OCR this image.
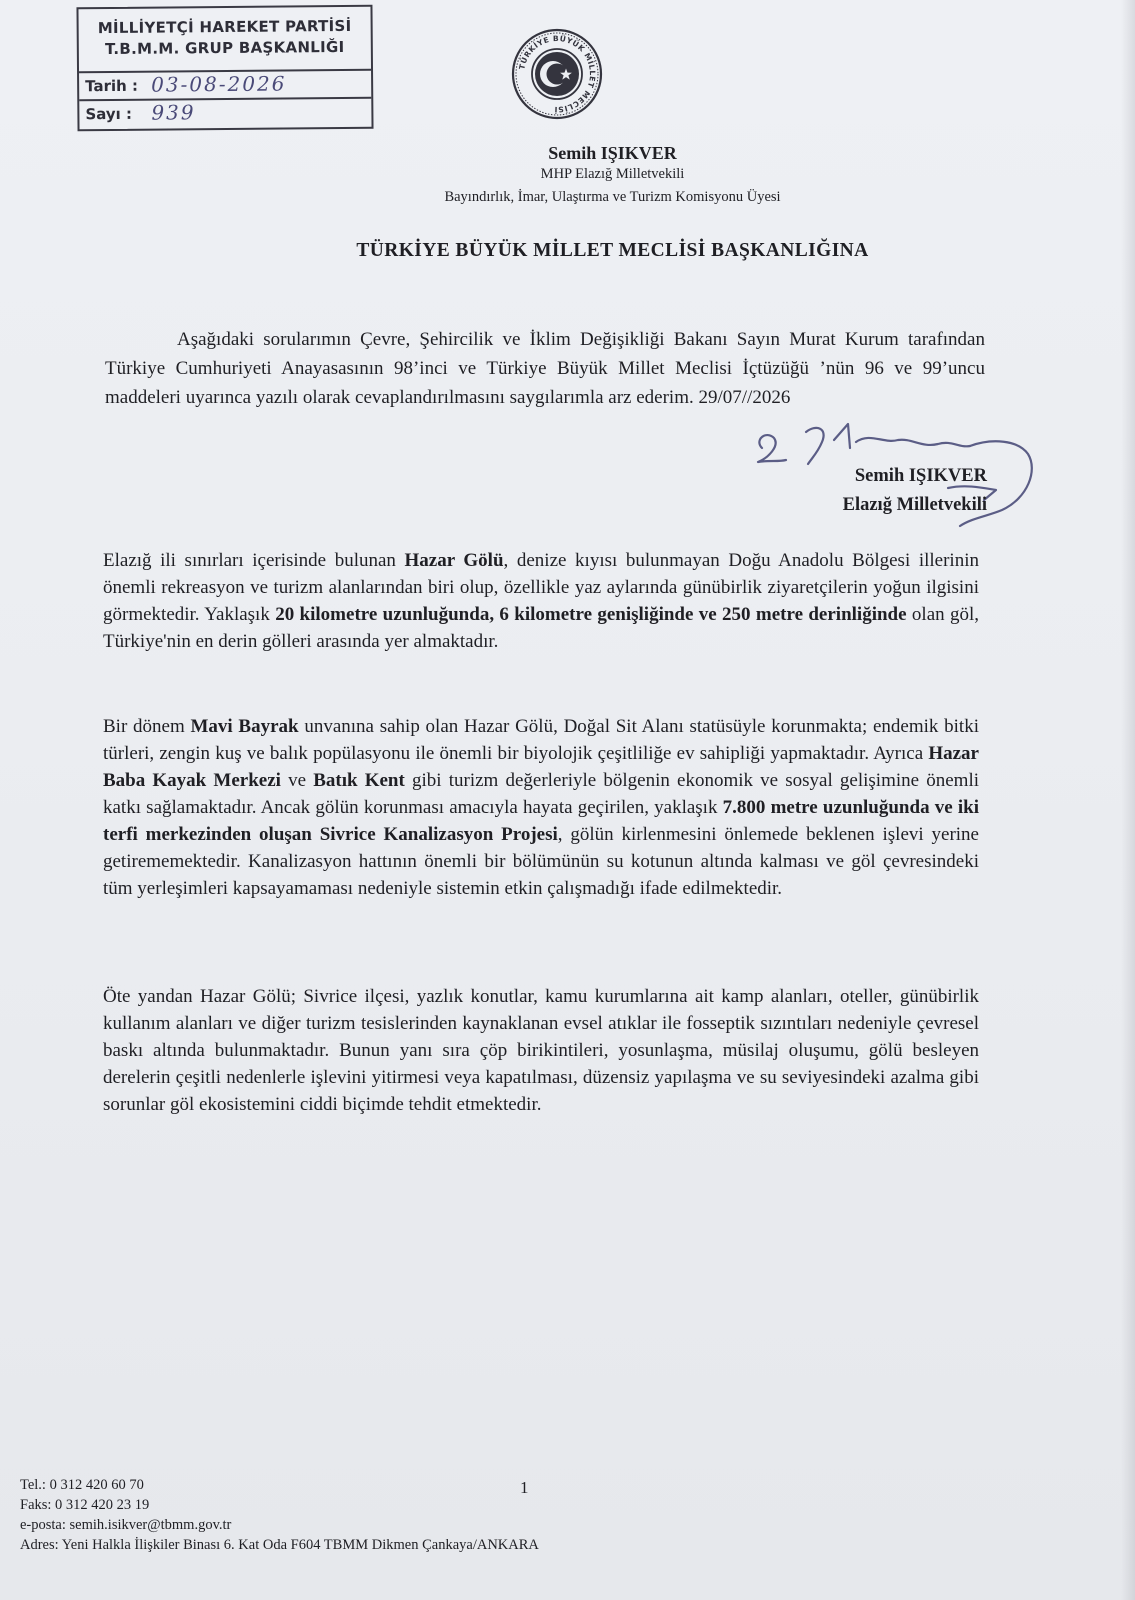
MİLLİYETÇİ HAREKET PARTİSİ
T.B.M.M. GRUP BAŞKANLIĞI
Tarih : 03-08-2026
Sayı : 939
TÜRKİYE BÜYÜK MİLLET MECLİSİ
Semih IŞIKVER
MHP Elazığ Milletvekili
Bayındırlık, İmar, Ulaştırma ve Turizm Komisyonu Üyesi
TÜRKİYE BÜYÜK MİLLET MECLİSİ BAŞKANLIĞINA
Aşağıdaki sorularımın Çevre, Şehircilik ve İklim Değişikliği Bakanı Sayın Murat Kurum tarafından Türkiye Cumhuriyeti Anayasasının 98’inci ve Türkiye Büyük Millet Meclisi İçtüzüğü ’nün 96 ve 99’uncu maddeleri uyarınca yazılı olarak cevaplandırılmasını saygılarımla arz ederim. 29/07//2026
Semih IŞIKVER
Elazığ Milletvekili

Elazığ ili sınırları içerisinde bulunan Hazar Gölü, denize kıyısı bulunmayan Doğu Anadolu Bölgesi illerinin önemli rekreasyon ve turizm alanlarından biri olup, özellikle yaz aylarında günübirlik ziyaretçilerin yoğun ilgisini görmektedir. Yaklaşık 20 kilometre uzunluğunda, 6 kilometre genişliğinde ve 250 metre derinliğinde olan göl, Türkiye'nin en derin gölleri arasında yer almaktadır.

Bir dönem Mavi Bayrak unvanına sahip olan Hazar Gölü, Doğal Sit Alanı statüsüyle korunmakta; endemik bitki türleri, zengin kuş ve balık popülasyonu ile önemli bir biyolojik çeşitliliğe ev sahipliği yapmaktadır. Ayrıca Hazar Baba Kayak Merkezi ve Batık Kent gibi turizm değerleriyle bölgenin ekonomik ve sosyal gelişimine önemli katkı sağlamaktadır. Ancak gölün korunması amacıyla hayata geçirilen, yaklaşık 7.800 metre uzunluğunda ve iki terfi merkezinden oluşan Sivrice Kanalizasyon Projesi, gölün kirlenmesini önlemede beklenen işlevi yerine getirememektedir. Kanalizasyon hattının önemli bir bölümünün su kotunun altında kalması ve göl çevresindeki tüm yerleşimleri kapsayamaması nedeniyle sistemin etkin çalışmadığı ifade edilmektedir.

Öte yandan Hazar Gölü; Sivrice ilçesi, yazlık konutlar, kamu kurumlarına ait kamp alanları, oteller, günübirlik kullanım alanları ve diğer turizm tesislerinden kaynaklanan evsel atıklar ile fosseptik sızıntıları nedeniyle çevresel baskı altında bulunmaktadır. Bunun yanı sıra çöp birikintileri, yosunlaşma, müsilaj oluşumu, gölü besleyen derelerin çeşitli nedenlerle işlevini yitirmesi veya kapatılması, düzensiz yapılaşma ve su seviyesindeki azalma gibi sorunlar göl ekosistemini ciddi biçimde tehdit etmektedir.

1
Tel.: 0 312 420 60 70
Faks: 0 312 420 23 19
e-posta: semih.isikver@tbmm.gov.tr
Adres: Yeni Halkla İlişkiler Binası 6. Kat Oda F604 TBMM Dikmen Çankaya/ANKARA
